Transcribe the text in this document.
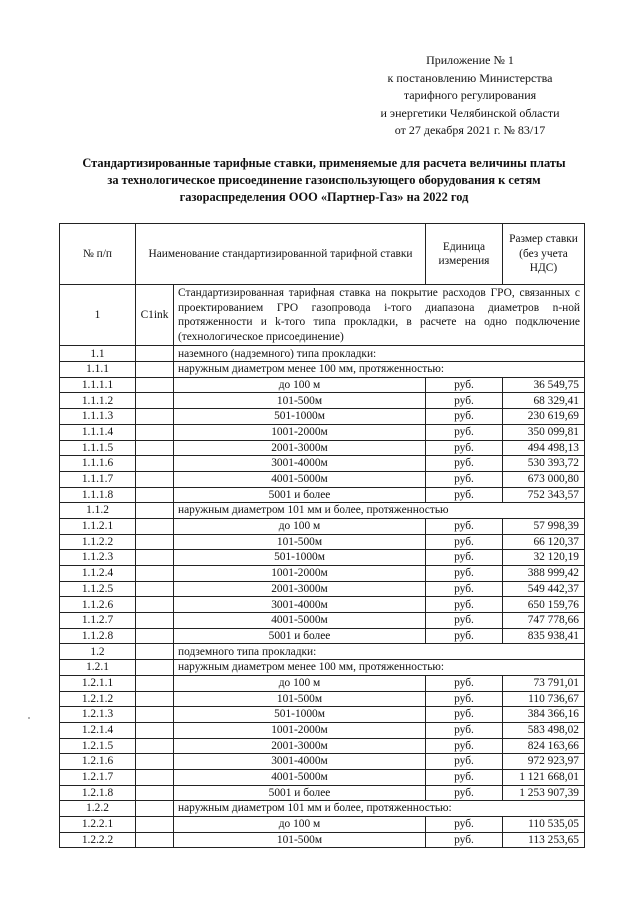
Приложение № 1
к постановлению Министерства
тарифного регулирования
и энергетики Челябинской области
от 27 декабря 2021 г. № 83/17
Стандартизированные тарифные ставки, применяемые для расчета величины платы
за технологическое присоединение газоиспользующего оборудования к сетям
газораспределения ООО «Партнер-Газ» на 2022 год
№ п/п	Наименование стандартизированной тарифной ставки		Единица измерения	Размер ставки (без учета НДС)
1	C1ink	Стандартизированная тарифная ставка на покрытие расходов ГРО, связанных с проектированием ГРО газопровода i-того диапазона диаметров n-ной протяженности и k-того типа прокладки, в расчете на одно подключение (технологическое присоединение)		
1.1		наземного (надземного) типа прокладки:		
1.1.1		наружным диаметром менее 100 мм, протяженностью:		
1.1.1.1		до 100 м	руб.	36 549,75
1.1.1.2		101-500м	руб.	68 329,41
1.1.1.3		501-1000м	руб.	230 619,69
1.1.1.4		1001-2000м	руб.	350 099,81
1.1.1.5		2001-3000м	руб.	494 498,13
1.1.1.6		3001-4000м	руб.	530 393,72
1.1.1.7		4001-5000м	руб.	673 000,80
1.1.1.8		5001 и более	руб.	752 343,57
1.1.2		наружным диаметром 101 мм и более, протяженностью		
1.1.2.1		до 100 м	руб.	57 998,39
1.1.2.2		101-500м	руб.	66 120,37
1.1.2.3		501-1000м	руб.	32 120,19
1.1.2.4		1001-2000м	руб.	388 999,42
1.1.2.5		2001-3000м	руб.	549 442,37
1.1.2.6		3001-4000м	руб.	650 159,76
1.1.2.7		4001-5000м	руб.	747 778,66
1.1.2.8		5001 и более	руб.	835 938,41
1.2		подземного типа прокладки:		
1.2.1		наружным диаметром менее 100 мм, протяженностью:		
1.2.1.1		до 100 м	руб.	73 791,01
1.2.1.2		101-500м	руб.	110 736,67
1.2.1.3		501-1000м	руб.	384 366,16
1.2.1.4		1001-2000м	руб.	583 498,02
1.2.1.5		2001-3000м	руб.	824 163,66
1.2.1.6		3001-4000м	руб.	972 923,97
1.2.1.7		4001-5000м	руб.	1 121 668,01
1.2.1.8		5001 и более	руб.	1 253 907,39
1.2.2		наружным диаметром 101 мм и более, протяженностью:		
1.2.2.1		до 100 м	руб.	110 535,05
1.2.2.2		101-500м	руб.	113 253,65
